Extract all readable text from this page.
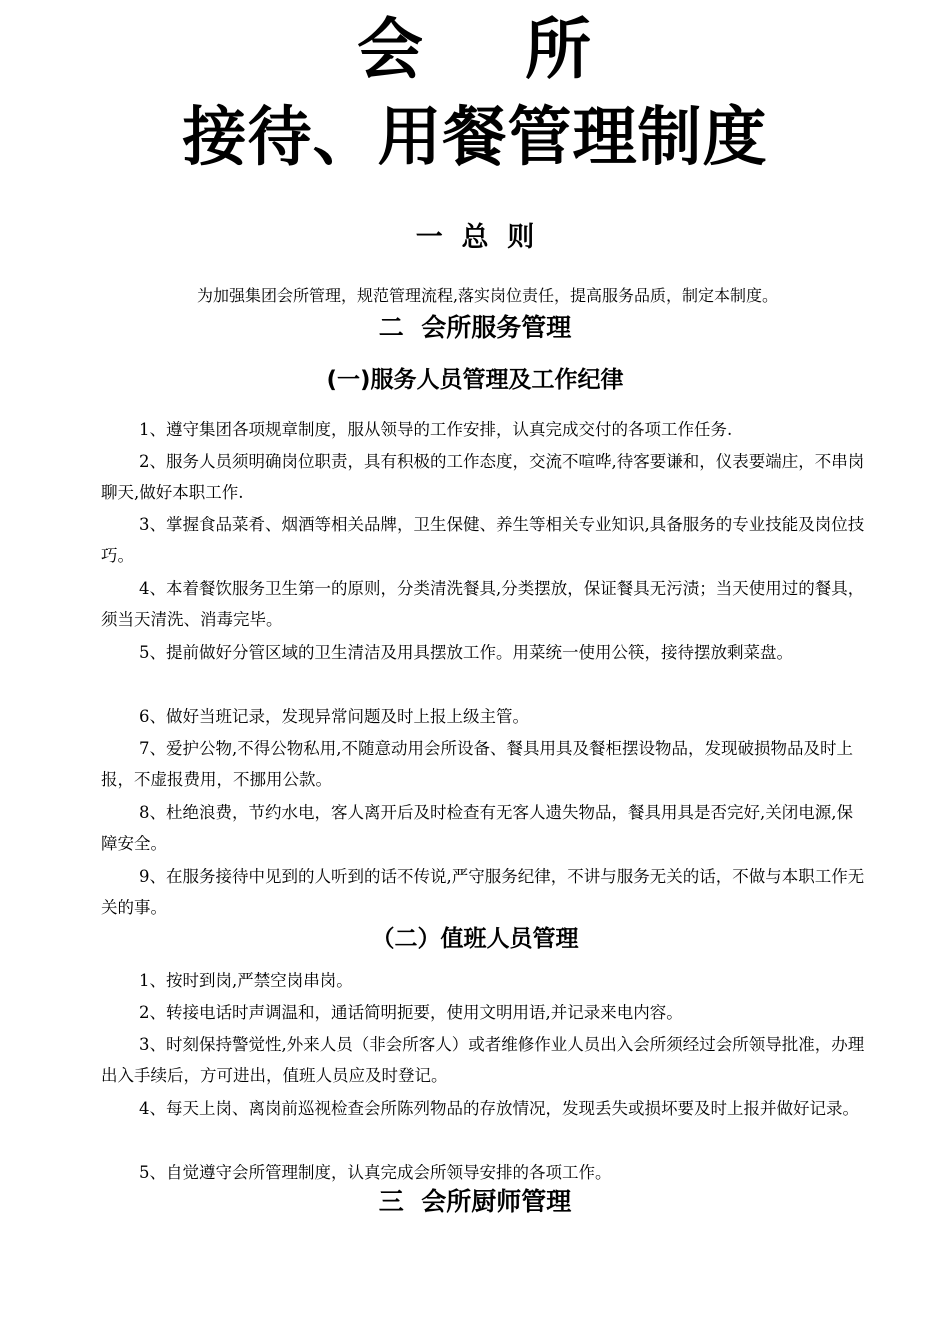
会    所
接待、用餐管理制度
一  总  则
为加强集团会所管理，规范管理流程,落实岗位责任，提高服务品质，制定本制度。
二  会所服务管理
(一)服务人员管理及工作纪律
1、遵守集团各项规章制度，服从领导的工作安排，认真完成交付的各项工作任务.
2、服务人员须明确岗位职责，具有积极的工作态度，交流不喧哗,待客要谦和，仪表要端庄，不串岗聊天,做好本职工作.
3、掌握食品菜肴、烟酒等相关品牌，卫生保健、养生等相关专业知识,具备服务的专业技能及岗位技巧。
4、本着餐饮服务卫生第一的原则，分类清洗餐具,分类摆放，保证餐具无污渍；当天使用过的餐具，须当天清洗、消毒完毕。
5、提前做好分管区域的卫生清洁及用具摆放工作。用菜统一使用公筷，接待摆放剩菜盘。
6、做好当班记录，发现异常问题及时上报上级主管。
7、爱护公物,不得公物私用,不随意动用会所设备、餐具用具及餐柜摆设物品，发现破损物品及时上报，不虚报费用，不挪用公款。
8、杜绝浪费，节约水电，客人离开后及时检查有无客人遗失物品，餐具用具是否完好,关闭电源,保障安全。
9、在服务接待中见到的人听到的话不传说,严守服务纪律，不讲与服务无关的话，不做与本职工作无关的事。
（二）值班人员管理
1、按时到岗,严禁空岗串岗。
2、转接电话时声调温和，通话简明扼要，使用文明用语,并记录来电内容。
3、时刻保持警觉性,外来人员（非会所客人）或者维修作业人员出入会所须经过会所领导批准，办理出入手续后，方可进出，值班人员应及时登记。
4、每天上岗、离岗前巡视检查会所陈列物品的存放情况，发现丢失或损坏要及时上报并做好记录。
5、自觉遵守会所管理制度，认真完成会所领导安排的各项工作。
三  会所厨师管理
